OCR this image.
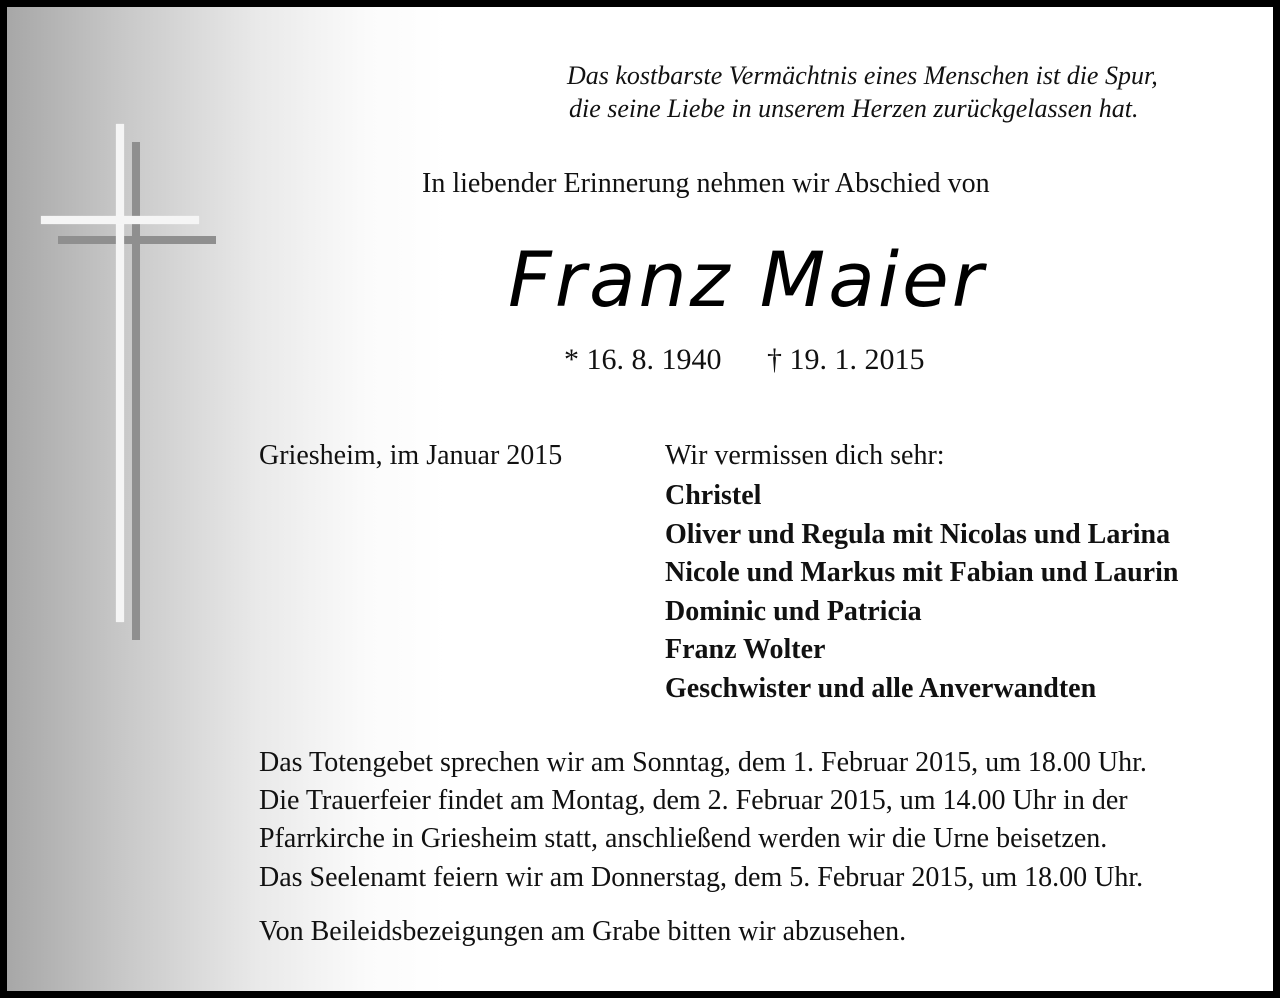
Das kostbarste Vermächtnis eines Menschen ist die Spur,
die seine Liebe in unserem Herzen zurückgelassen hat.
In liebender Erinnerung nehmen wir Abschied von
Franz Maier
* 16. 8. 1940 † 19. 1. 2015
Griesheim, im Januar 2015	Wir vermissen dich sehr:
Christel
Oliver und Regula mit Nicolas und Larina
Nicole und Markus mit Fabian und Laurin
Dominic und Patricia
Franz Wolter
Geschwister und alle Anverwandten
Das Totengebet sprechen wir am Sonntag, dem 1. Februar 2015, um 18.00 Uhr.
Die Trauerfeier findet am Montag, dem 2. Februar 2015, um 14.00 Uhr in der
Pfarrkirche in Griesheim statt, anschließend werden wir die Urne beisetzen.
Das Seelenamt feiern wir am Donnerstag, dem 5. Februar 2015, um 18.00 Uhr.
Von Beileidsbezeigungen am Grabe bitten wir abzusehen.
